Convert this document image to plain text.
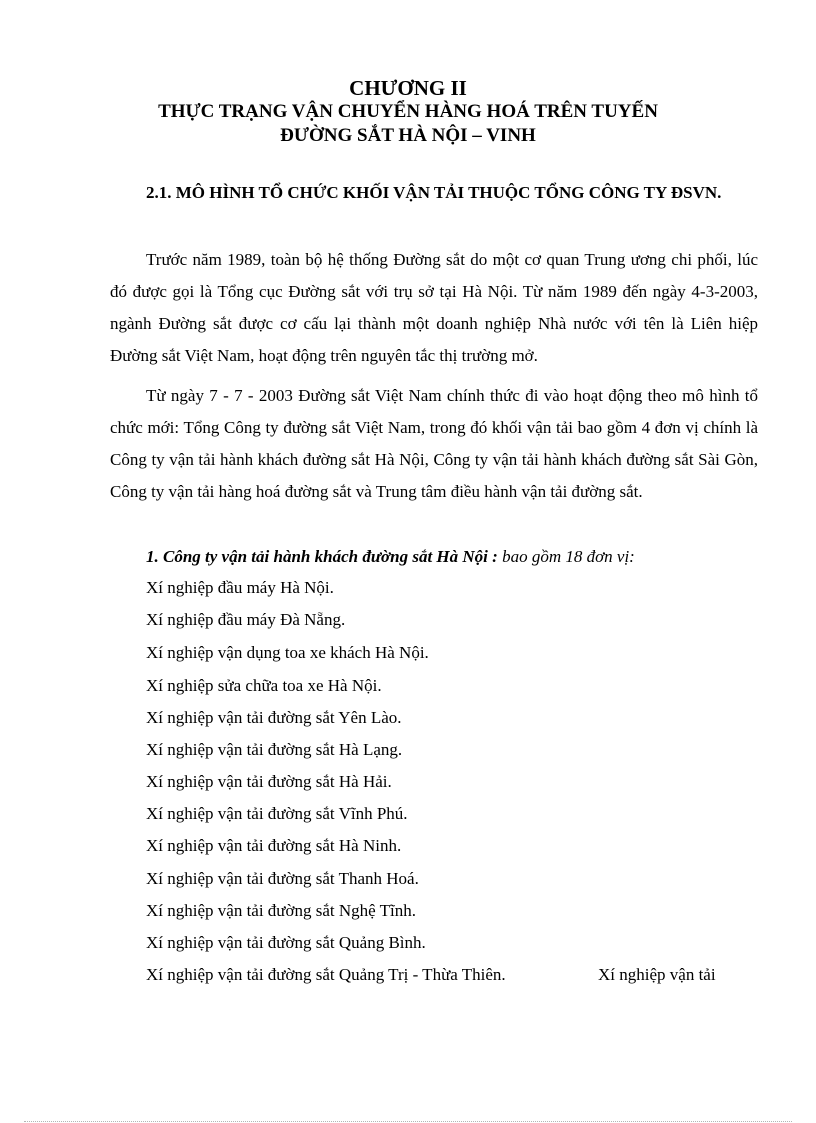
CHƯƠNG II
THỰC TRẠNG VẬN CHUYỂN HÀNG HOÁ TRÊN TUYẾN
ĐƯỜNG SẮT HÀ NỘI – VINH

2.1. MÔ HÌNH TỔ CHỨC KHỐI VẬN TẢI THUỘC TỔNG CÔNG TY ĐSVN.

Trước năm 1989, toàn bộ hệ thống Đường sắt do một cơ quan Trung ương chi phối, lúc đó được gọi là Tổng cục Đường sắt với trụ sở tại Hà Nội. Từ năm 1989 đến ngày 4-3-2003, ngành Đường sắt được cơ cấu lại thành một doanh nghiệp Nhà nước với tên là Liên hiệp Đường sắt Việt Nam, hoạt động trên nguyên tắc thị trường mở.

Từ ngày 7 - 7 - 2003 Đường sắt Việt Nam chính thức đi vào hoạt động theo mô hình tổ chức mới: Tổng Công ty đường sắt Việt Nam, trong đó khối vận tải bao gồm 4 đơn vị chính là Công ty vận tải hành khách đường sắt Hà Nội, Công ty vận tải hành khách đường sắt Sài Gòn, Công ty vận tải hàng hoá đường sắt và Trung tâm điều hành vận tải đường sắt.

1. Công ty vận tải hành khách đường sắt Hà Nội : bao gồm 18 đơn vị:

Xí nghiệp đầu máy Hà Nội.

Xí nghiệp đầu máy Đà Nẵng.

Xí nghiệp vận dụng toa xe khách Hà Nội.

Xí nghiệp sửa chữa toa xe Hà Nội.

Xí nghiệp vận tải đường sắt Yên Lào.

Xí nghiệp vận tải đường sắt Hà Lạng.

Xí nghiệp vận tải đường sắt Hà Hải.

Xí nghiệp vận tải đường sắt Vĩnh Phú.

Xí nghiệp vận tải đường sắt Hà Ninh.

Xí nghiệp vận tải đường sắt Thanh Hoá.

Xí nghiệp vận tải đường sắt Nghệ Tĩnh.

Xí nghiệp vận tải đường sắt Quảng Bình.

Xí nghiệp vận tải đường sắt Quảng Trị - Thừa Thiên.	Xí nghiệp vận tải
